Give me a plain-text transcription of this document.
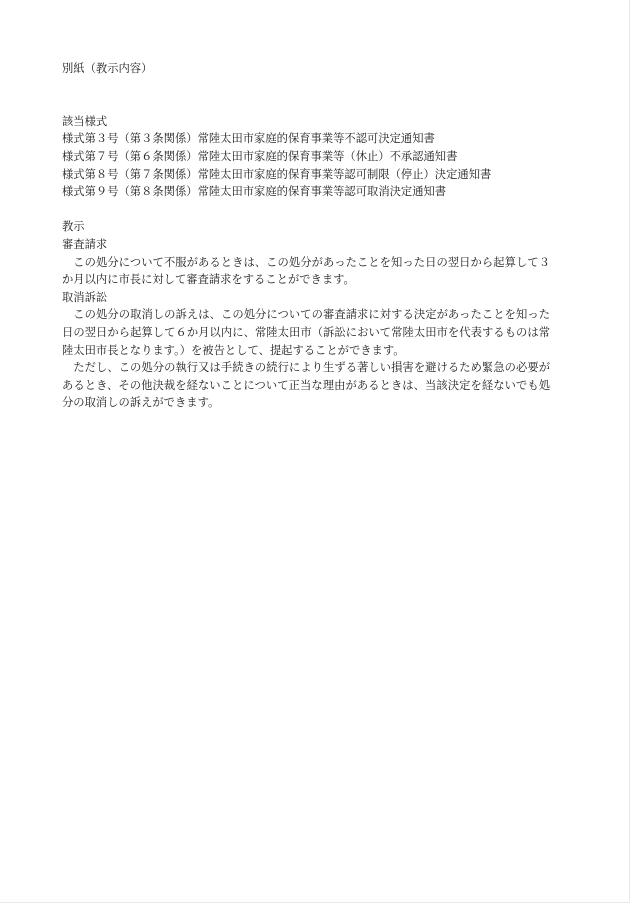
別紙（教示内容）
該当様式
様式第３号（第３条関係）常陸太田市家庭的保育事業等不認可決定通知書
様式第７号（第６条関係）常陸太田市家庭的保育事業等（休止）不承認通知書
様式第８号（第７条関係）常陸太田市家庭的保育事業等認可制限（停止）決定通知書
様式第９号（第８条関係）常陸太田市家庭的保育事業等認可取消決定通知書
教示
審査請求
この処分について不服があるときは、この処分があったことを知った日の翌日から起算して３か月以内に市長に対して審査請求をすることができます。
取消訴訟
この処分の取消しの訴えは、この処分についての審査請求に対する決定があったことを知った日の翌日から起算して６か月以内に、常陸太田市（訴訟において常陸太田市を代表するものは常陸太田市長となります。）を被告として、提起することができます。
ただし、この処分の執行又は手続きの続行により生ずる著しい損害を避けるため緊急の必要があるとき、その他決裁を経ないことについて正当な理由があるときは、当該決定を経ないでも処分の取消しの訴えができます。
